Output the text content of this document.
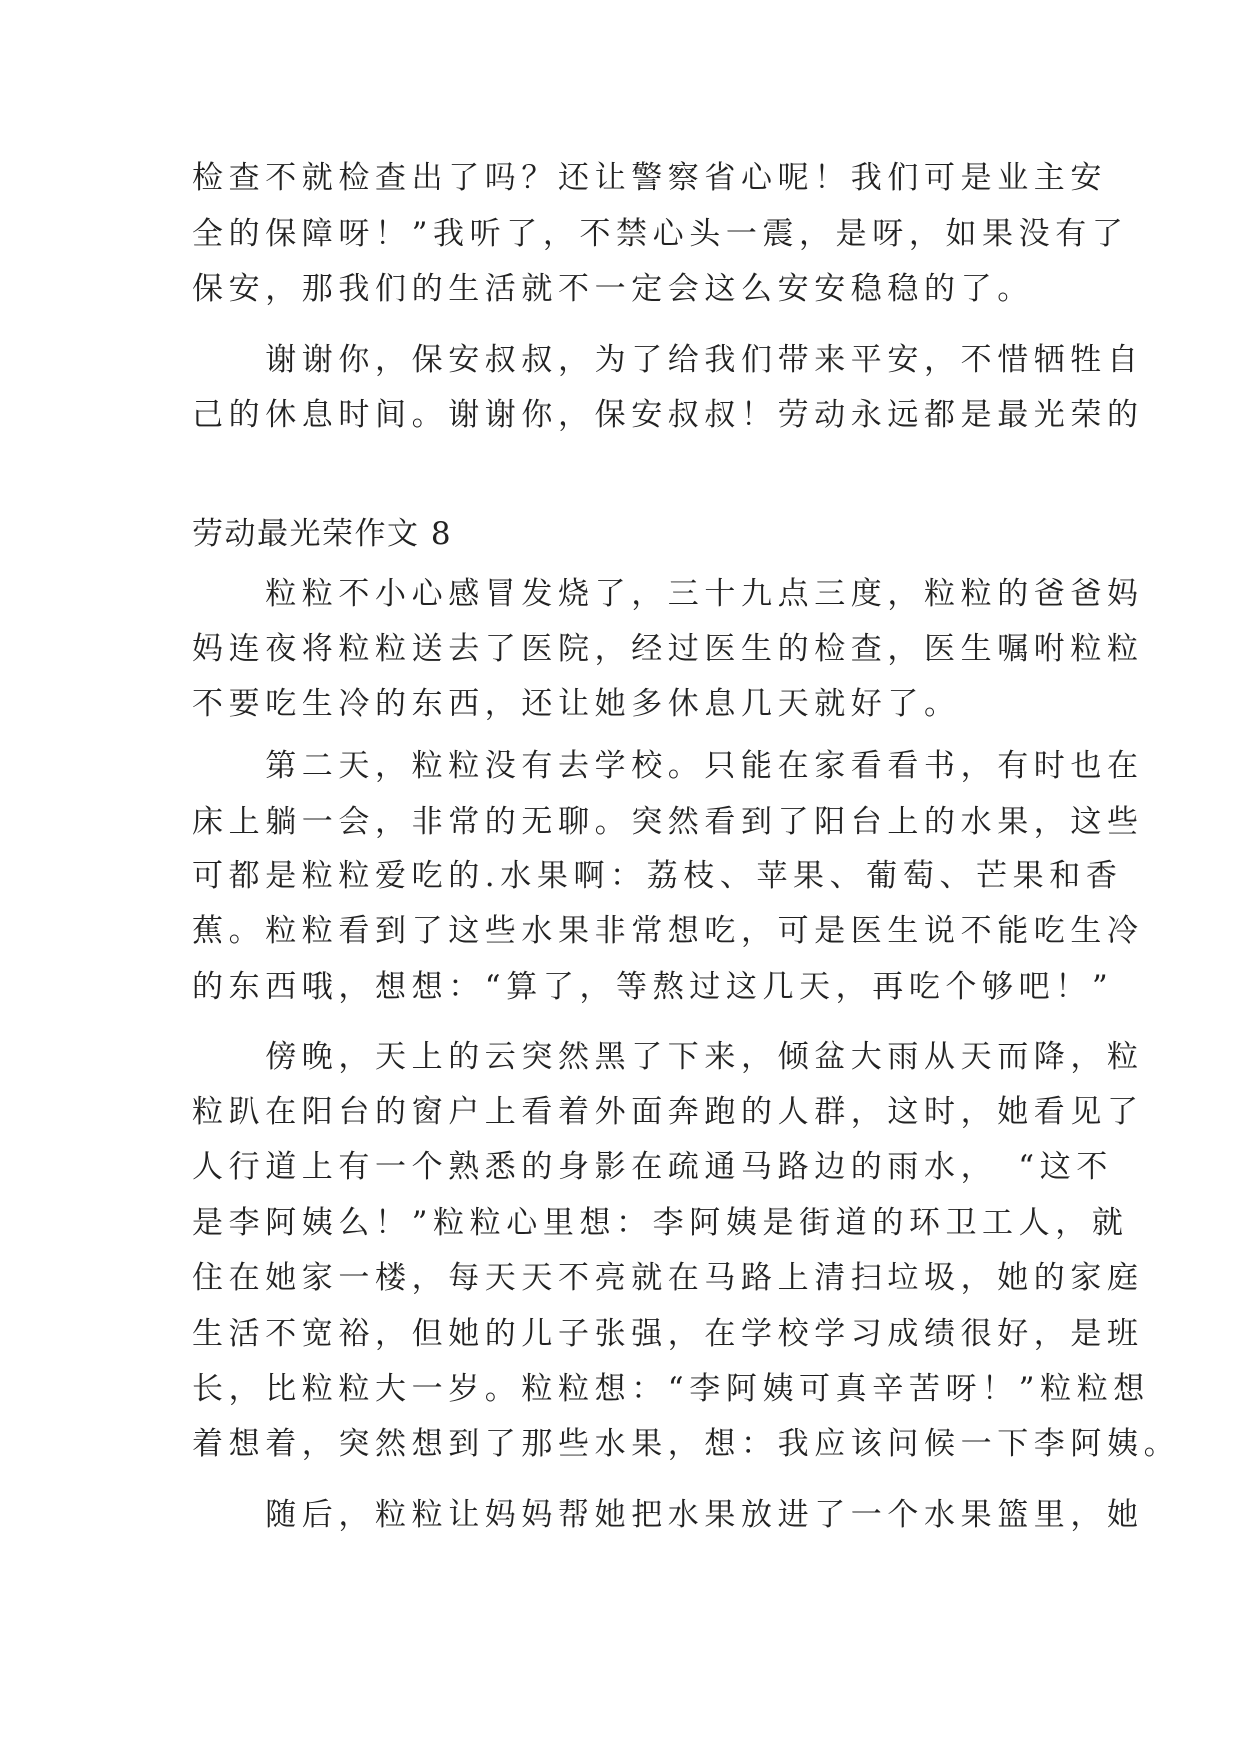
检查不就检查出了吗？还让警察省心呢！我们可是业主安
全的保障呀！”我听了，不禁心头一震，是呀，如果没有了
保安，那我们的生活就不一定会这么安安稳稳的了。
　　谢谢你，保安叔叔，为了给我们带来平安，不惜牺牲自
己的休息时间。谢谢你，保安叔叔！劳动永远都是最光荣的
劳动最光荣作文 8
　　粒粒不小心感冒发烧了，三十九点三度，粒粒的爸爸妈
妈连夜将粒粒送去了医院，经过医生的检查，医生嘱咐粒粒
不要吃生冷的东西，还让她多休息几天就好了。
　　第二天，粒粒没有去学校。只能在家看看书，有时也在
床上躺一会，非常的无聊。突然看到了阳台上的水果，这些
可都是粒粒爱吃的.水果啊：荔枝、苹果、葡萄、芒果和香
蕉。粒粒看到了这些水果非常想吃，可是医生说不能吃生冷
的东西哦，想想：“算了，等熬过这几天，再吃个够吧！”
　　傍晚，天上的云突然黑了下来，倾盆大雨从天而降，粒
粒趴在阳台的窗户上看着外面奔跑的人群，这时，她看见了
人行道上有一个熟悉的身影在疏通马路边的雨水，　“这不
是李阿姨么！”粒粒心里想：李阿姨是街道的环卫工人，就
住在她家一楼，每天天不亮就在马路上清扫垃圾，她的家庭
生活不宽裕，但她的儿子张强，在学校学习成绩很好，是班
长，比粒粒大一岁。粒粒想：“李阿姨可真辛苦呀！”粒粒想
着想着，突然想到了那些水果，想：我应该问候一下李阿姨。
　　随后，粒粒让妈妈帮她把水果放进了一个水果篮里，她
